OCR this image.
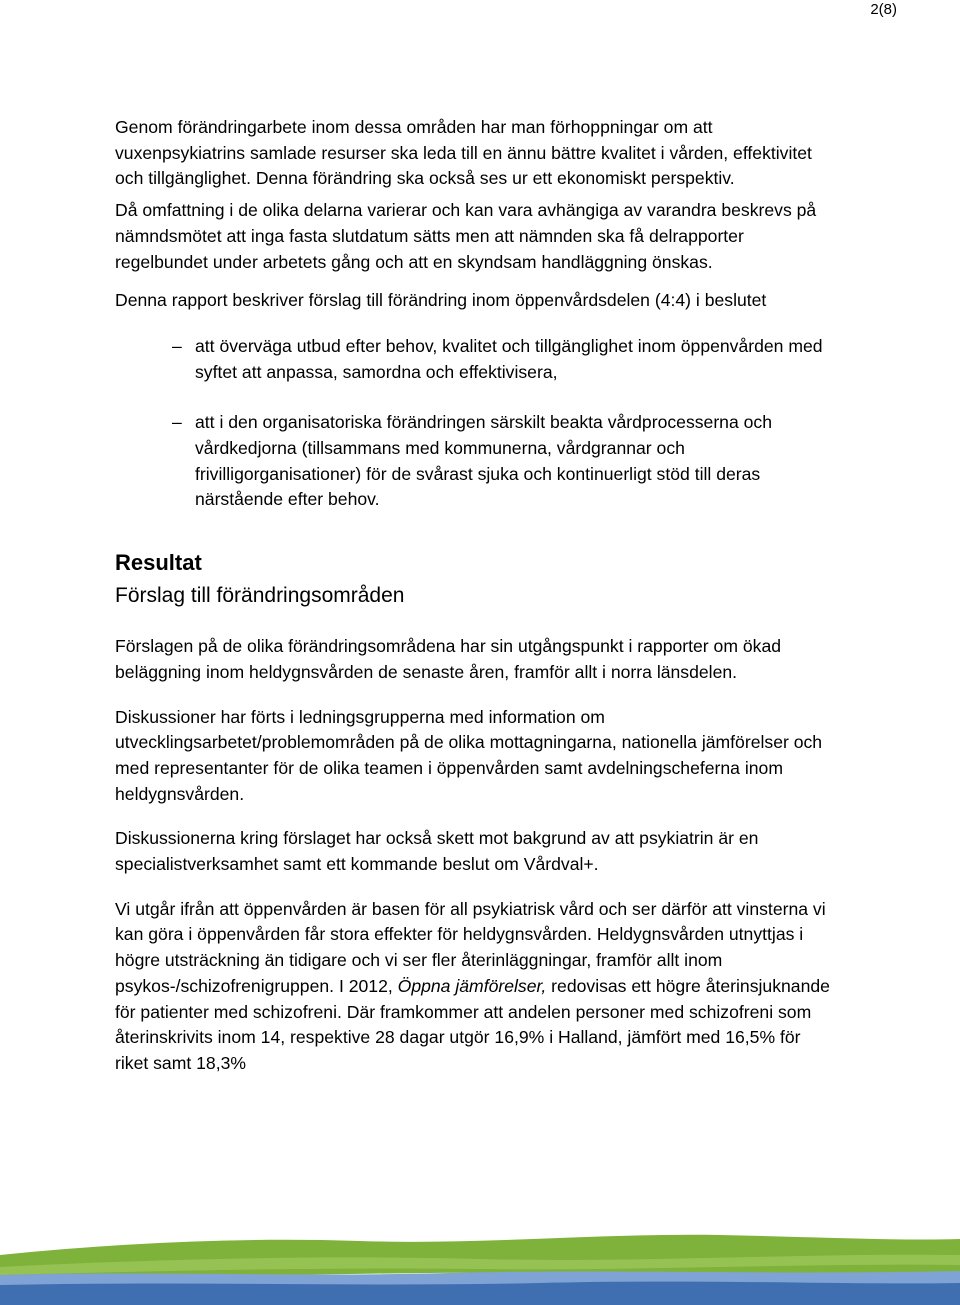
2(8)

Genom förändringarbete inom dessa områden har man förhoppningar om att vuxenpsykiatrins samlade resurser ska leda till en ännu bättre kvalitet i vården, effektivitet och tillgänglighet. Denna förändring ska också ses ur ett ekonomiskt perspektiv.

Då omfattning i de olika delarna varierar och kan vara avhängiga av varandra beskrevs på nämndsmötet att inga fasta slutdatum sätts men att nämnden ska få delrapporter regelbundet under arbetets gång och att en skyndsam handläggning önskas.

Denna rapport beskriver förslag till förändring inom öppenvårdsdelen (4:4) i beslutet

– att överväga utbud efter behov, kvalitet och tillgänglighet inom öppenvården med syftet att anpassa, samordna och effektivisera,
– att i den organisatoriska förändringen särskilt beakta vårdprocesserna och vårdkedjorna (tillsammans med kommunerna, vårdgrannar och frivilligorganisationer) för de svårast sjuka och kontinuerligt stöd till deras närstående efter behov.
Resultat
Förslag till förändringsområden

Förslagen på de olika förändringsområdena har sin utgångspunkt i rapporter om ökad beläggning inom heldygnsvården de senaste åren, framför allt i norra länsdelen.

Diskussioner har förts i ledningsgrupperna med information om utvecklingsarbetet/problemområden på de olika mottagningarna, nationella jämförelser och med representanter för de olika teamen i öppenvården samt avdelningscheferna inom heldygnsvården.

Diskussionerna kring förslaget har också skett mot bakgrund av att psykiatrin är en specialistverksamhet samt ett kommande beslut om Vårdval+.

Vi utgår ifrån att öppenvården är basen för all psykiatrisk vård och ser därför att vinsterna vi kan göra i öppenvården får stora effekter för heldygnsvården. Heldygnsvården utnyttjas i högre utsträckning än tidigare och vi ser fler återinläggningar, framför allt inom psykos-/schizofrenigruppen. I 2012, Öppna jämförelser, redovisas ett högre återinsjuknande för patienter med schizofreni. Där framkommer att andelen personer med schizofreni som återinskrivits inom 14, respektive 28 dagar utgör 16,9% i Halland, jämfört med 16,5% för riket samt 18,3%
